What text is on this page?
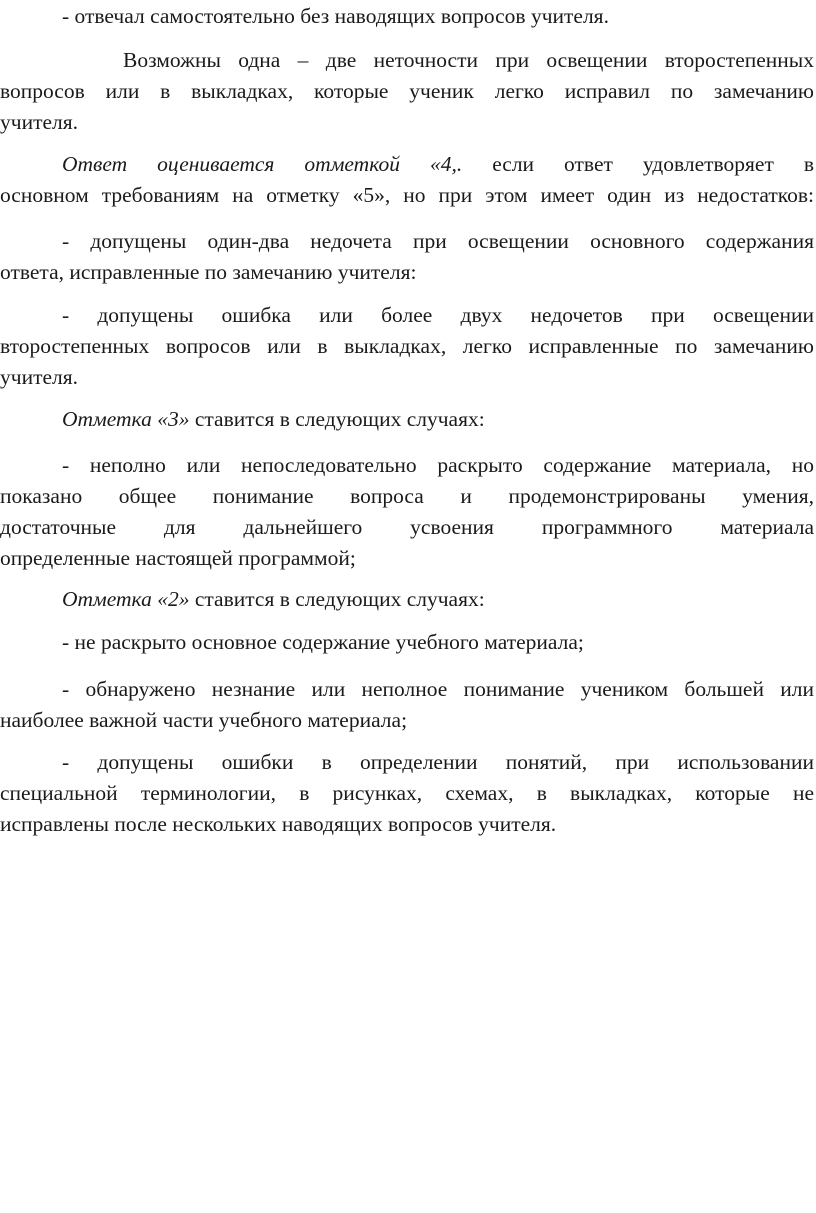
- отвечал самостоятельно без наводящих вопросов учителя.
Возможны одна – две неточности при освещении второстепенных
вопросов или в выкладках, которые ученик легко исправил по замечанию
учителя.
Ответ оценивается отметкой «4,. если ответ удовлетворяет в
основном требованиям на отметку «5», но при этом имеет один из недостатков:
- допущены один-два недочета при освещении основного содержания
ответа, исправленные по замечанию учителя:
- допущены ошибка или более двух недочетов при освещении
второстепенных вопросов или в выкладках, легко исправленные по замечанию
учителя.
Отметка «3» ставится в следующих случаях:
- неполно или непоследовательно раскрыто содержание материала, но
показано общее понимание вопроса и продемонстрированы умения,
достаточные для дальнейшего усвоения программного материала
определенные настоящей программой;
Отметка «2» ставится в следующих случаях:
- не раскрыто основное содержание учебного материала;
- обнаружено незнание или неполное понимание учеником большей или
наиболее важной части учебного материала;
- допущены ошибки в определении понятий, при использовании
специальной терминологии, в рисунках, схемах, в выкладках, которые не
исправлены после нескольких наводящих вопросов учителя.
